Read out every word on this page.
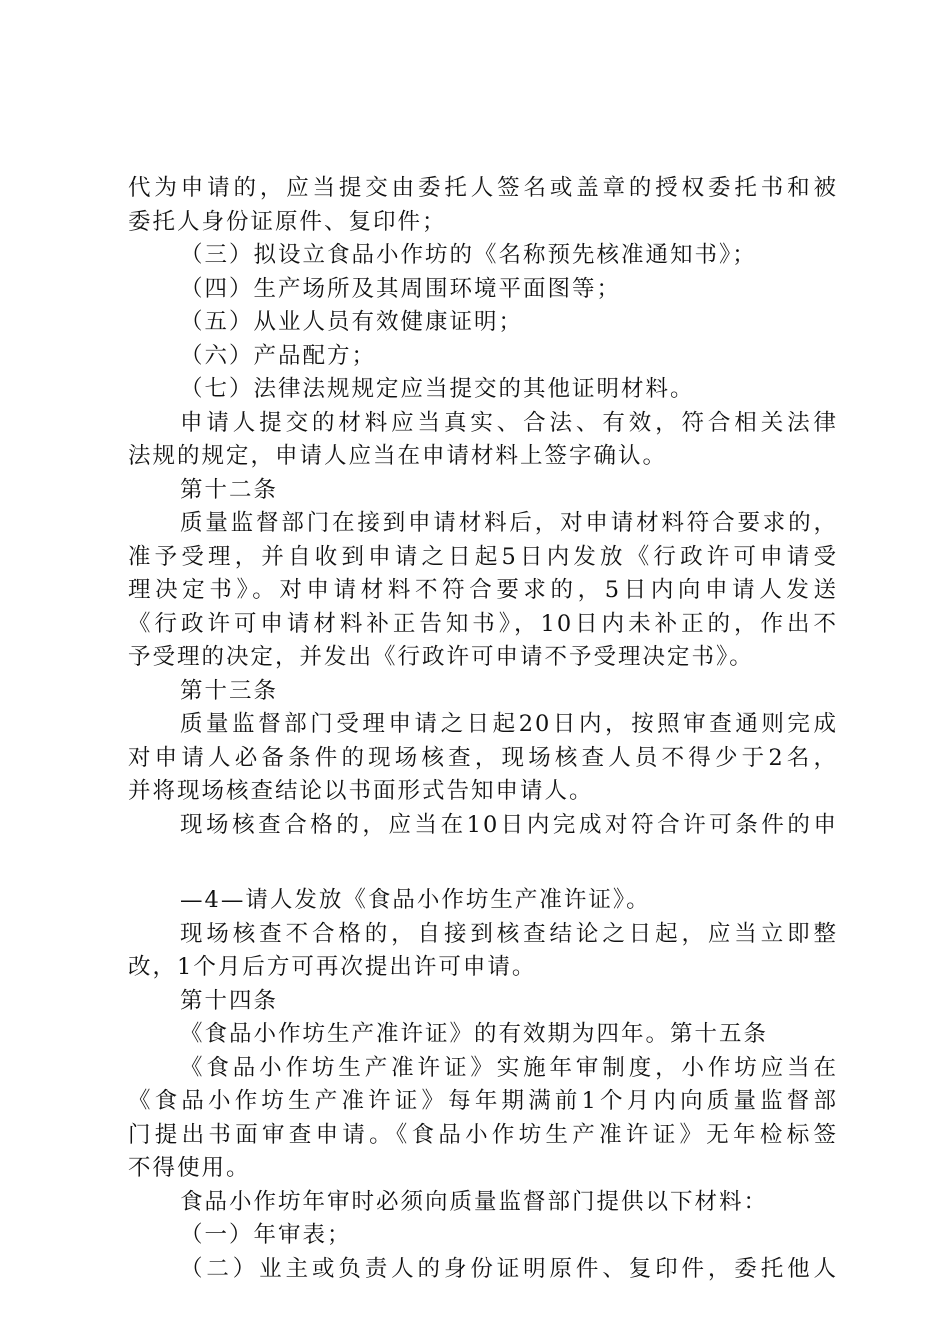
代为申请的，应当提交由委托人签名或盖章的授权委托书和被
委托人身份证原件、复印件；
（三）拟设立食品小作坊的《名称预先核准通知书》；
（四）生产场所及其周围环境平面图等；
（五）从业人员有效健康证明；
（六）产品配方；
（七）法律法规规定应当提交的其他证明材料。
申请人提交的材料应当真实、合法、有效，符合相关法律
法规的规定，申请人应当在申请材料上签字确认。
第十二条
质量监督部门在接到申请材料后，对申请材料符合要求的，
准予受理，并自收到申请之日起5日内发放《行政许可申请受
理决定书》。对申请材料不符合要求的，5日内向申请人发送
《行政许可申请材料补正告知书》，10日内未补正的，作出不
予受理的决定，并发出《行政许可申请不予受理决定书》。
第十三条
质量监督部门受理申请之日起20日内，按照审查通则完成
对申请人必备条件的现场核查，现场核查人员不得少于2名，
并将现场核查结论以书面形式告知申请人。
现场核查合格的，应当在10日内完成对符合许可条件的申
—4—请人发放《食品小作坊生产准许证》。
现场核查不合格的，自接到核查结论之日起，应当立即整
改，1个月后方可再次提出许可申请。
第十四条
《食品小作坊生产准许证》的有效期为四年。第十五条
《食品小作坊生产准许证》实施年审制度，小作坊应当在
《食品小作坊生产准许证》每年期满前1个月内向质量监督部
门提出书面审查申请。《食品小作坊生产准许证》无年检标签
不得使用。
食品小作坊年审时必须向质量监督部门提供以下材料：
（一）年审表；
（二）业主或负责人的身份证明原件、复印件，委托他人
